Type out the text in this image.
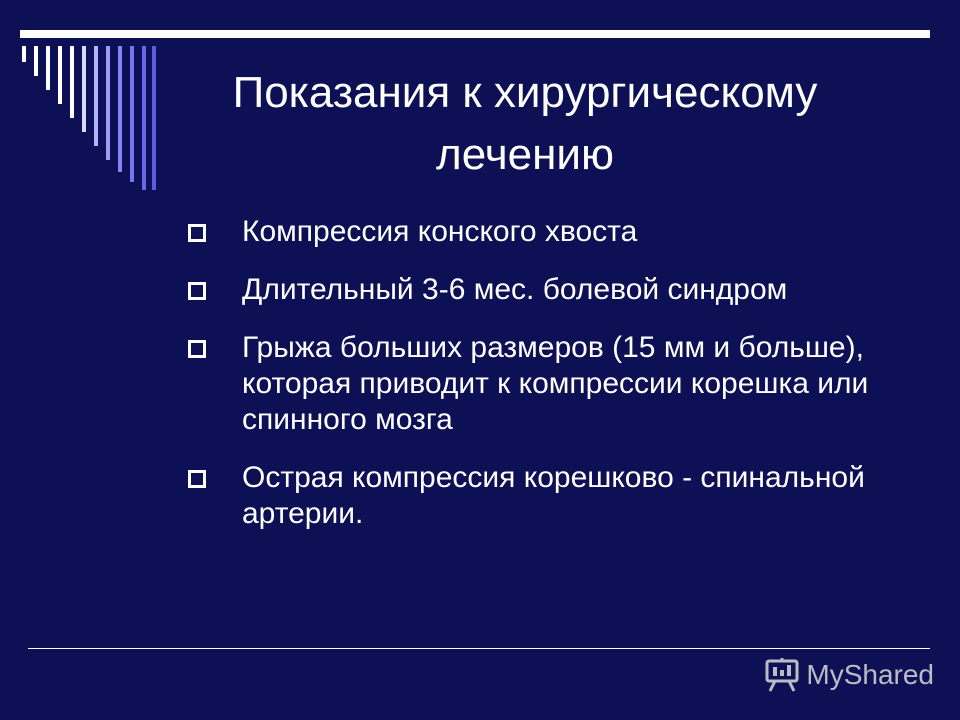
Показания к хирургическому лечению
Компрессия конского хвоста
Длительный 3-6 мес. болевой синдром
Грыжа больших размеров (15 мм и больше), которая приводит к компрессии корешка или спинного мозга
Острая компрессия корешково - спинальной артерии.
MyShared
